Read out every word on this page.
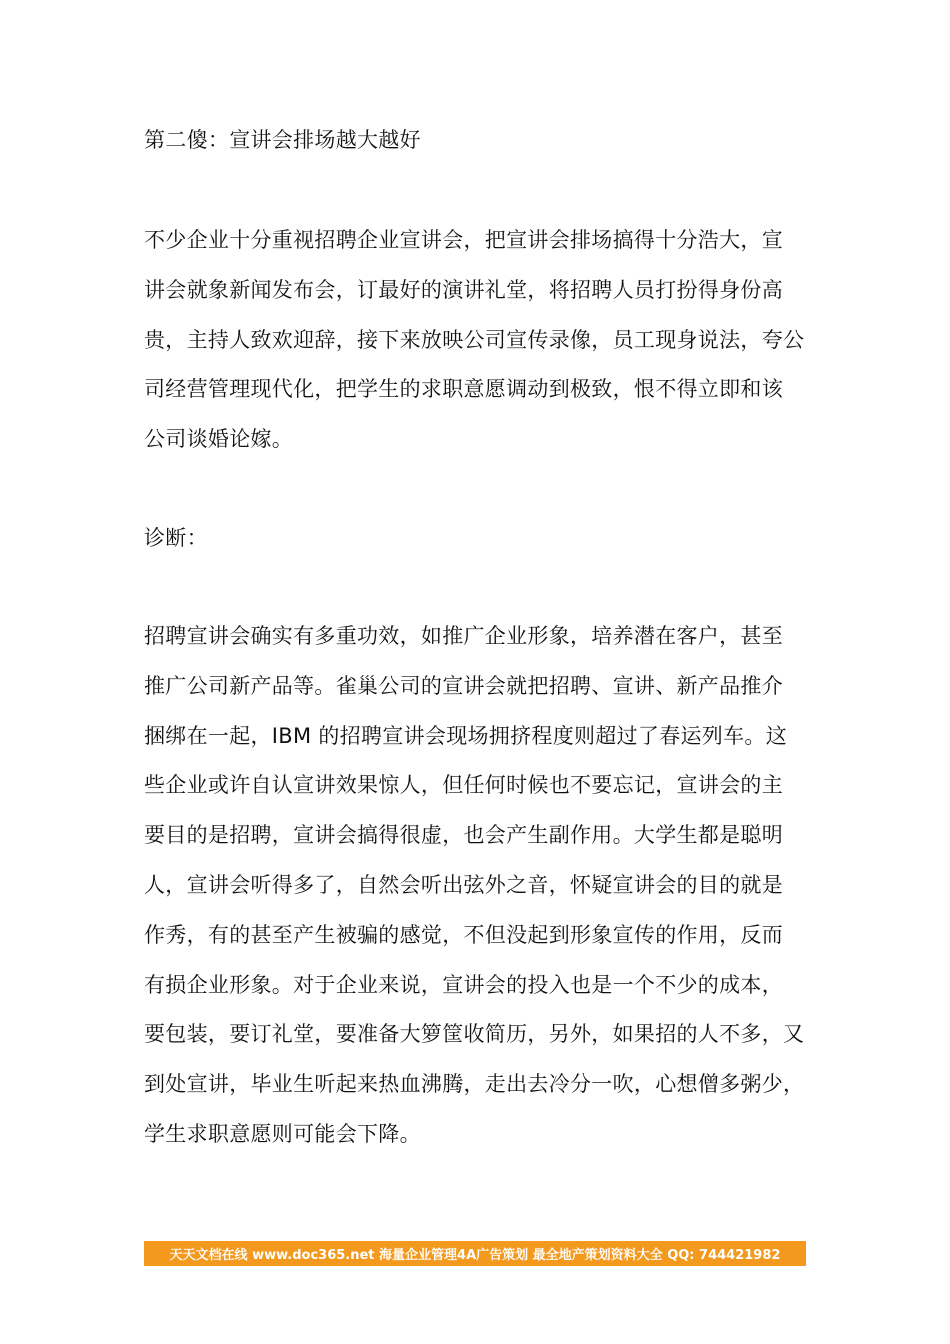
第二傻：宣讲会排场越大越好

不少企业十分重视招聘企业宣讲会，把宣讲会排场搞得十分浩大，宣
讲会就象新闻发布会，订最好的演讲礼堂，将招聘人员打扮得身份高
贵，主持人致欢迎辞，接下来放映公司宣传录像，员工现身说法，夸公
司经营管理现代化，把学生的求职意愿调动到极致，恨不得立即和该
公司谈婚论嫁。

诊断：

招聘宣讲会确实有多重功效，如推广企业形象，培养潜在客户，甚至
推广公司新产品等。雀巢公司的宣讲会就把招聘、宣讲、新产品推介
捆绑在一起，IBM 的招聘宣讲会现场拥挤程度则超过了春运列车。这
些企业或许自认宣讲效果惊人，但任何时候也不要忘记，宣讲会的主
要目的是招聘，宣讲会搞得很虚，也会产生副作用。大学生都是聪明
人，宣讲会听得多了，自然会听出弦外之音，怀疑宣讲会的目的就是
作秀，有的甚至产生被骗的感觉，不但没起到形象宣传的作用，反而
有损企业形象。对于企业来说，宣讲会的投入也是一个不少的成本，
要包装，要订礼堂，要准备大箩筐收简历，另外，如果招的人不多，又
到处宣讲，毕业生听起来热血沸腾，走出去冷分一吹，心想僧多粥少，
学生求职意愿则可能会下降。

天天文档在线 www.doc365.net 海量企业管理4A广告策划 最全地产策划资料大全 QQ: 744421982
